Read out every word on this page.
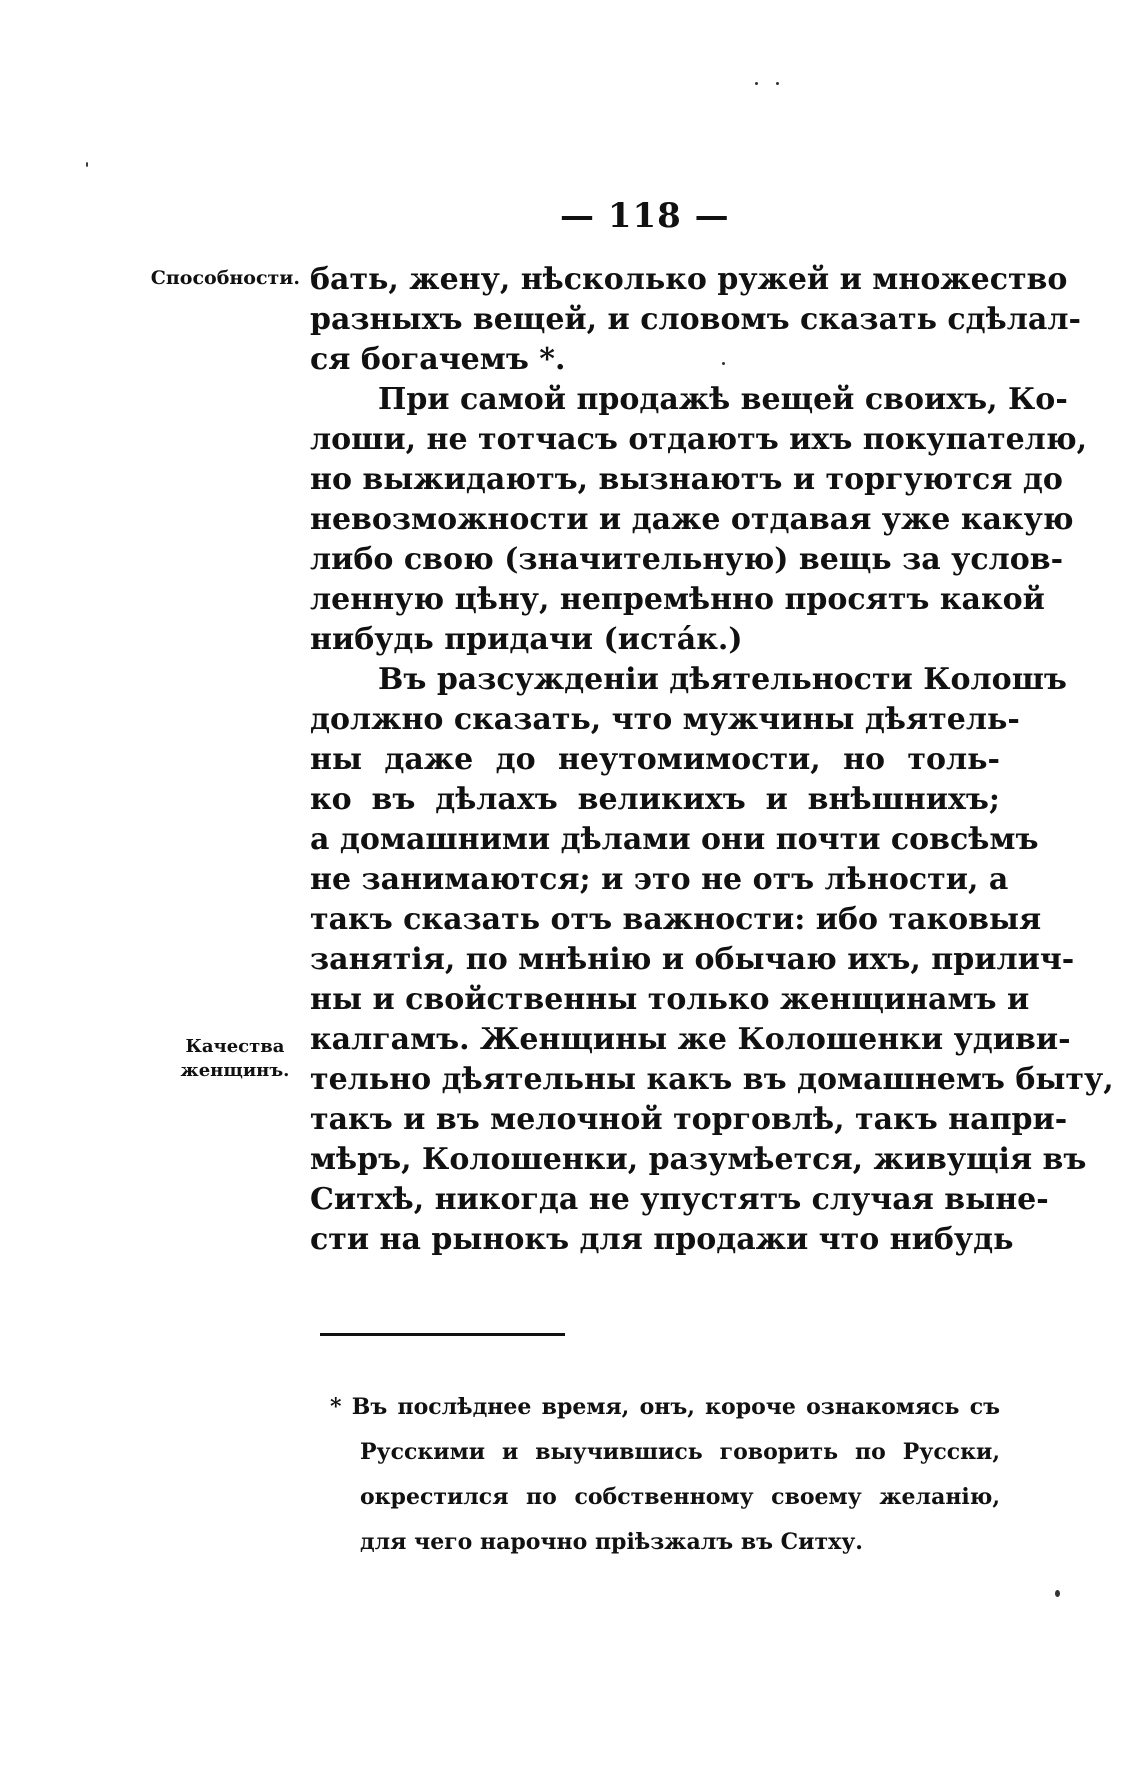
— 118 —
Способности.
Качества женщинъ.
бать, жену, нѣсколько ружей и множество
разныхъ вещей, и словомъ сказать сдѣлал-
ся богачемъ *.
При самой продажѣ вещей своихъ, Ко-
лоши, не тотчасъ отдаютъ ихъ покупателю,
но выжидаютъ, вызнаютъ и торгуются до
невозможности и даже отдавая уже какую
либо свою (значительную) вещь за услов-
ленную цѣну, непремѣнно просятъ какой
нибудь придачи (истáк.)
Въ разсужденіи дѣятельности Колошъ
должно сказать, что мужчины дѣятель-
ны даже до неутомимости, но толь-
ко въ дѣлахъ великихъ и внѣшнихъ;
а домашними дѣлами они почти совсѣмъ
не занимаются; и это не отъ лѣности, а
такъ сказать отъ важности: ибо таковыя
занятія, по мнѣнію и обычаю ихъ, прилич-
ны и свойственны только женщинамъ и
калгамъ. Женщины же Колошенки удиви-
тельно дѣятельны какъ въ домашнемъ быту,
такъ и въ мелочной торговлѣ, такъ напри-
мѣръ, Колошенки, разумѣется, живущія въ
Ситхѣ, никогда не упустятъ случая выне-
сти на рынокъ для продажи что нибудь
* Въ послѣднее время, онъ, короче ознакомясь съ
Русскими и выучившись говорить по Русски,
окрестился по собственному своему желанію,
для чего нарочно пріѣзжалъ въ Ситху.
